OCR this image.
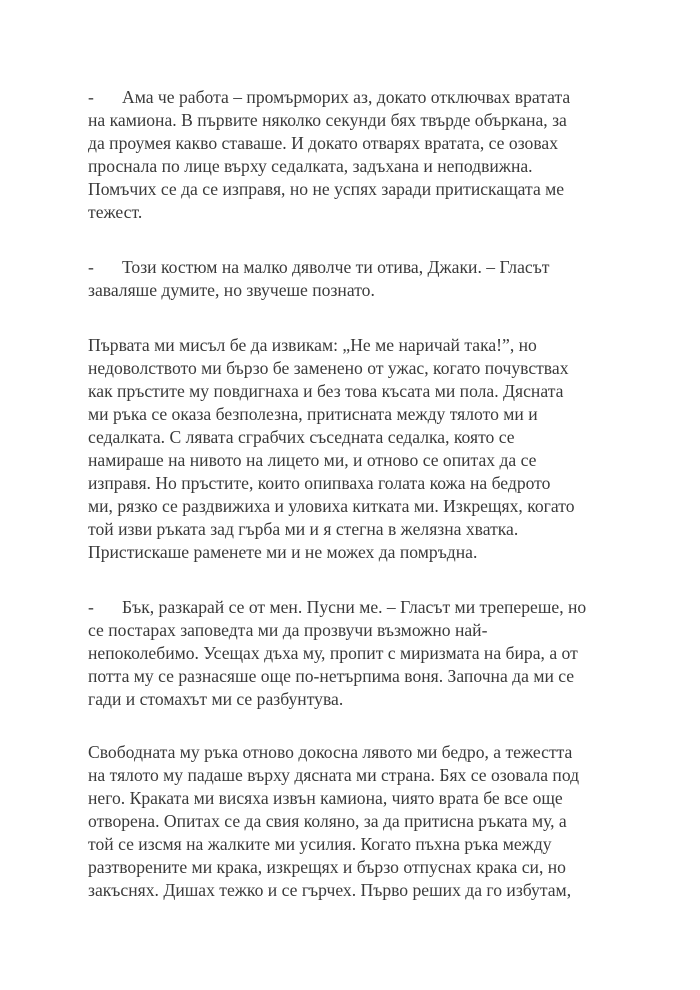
- Ама че работа – промърморих аз, докато отключвах вратата
на камиона. В първите няколко секунди бях твърде объркана, за
да проумея какво ставаше. И докато отварях вратата, се озовах
проснала по лице върху седалката, задъхана и неподвижна.
Помъчих се да се изправя, но не успях заради притискащата ме
тежест.
- Този костюм на малко дяволче ти отива, Джаки. – Гласът
заваляше думите, но звучеше познато.
Първата ми мисъл бе да извикам: „Не ме наричай така!”, но
недоволството ми бързо бе заменено от ужас, когато почувствах
как пръстите му повдигнаха и без това късата ми пола. Дясната
ми ръка се оказа безполезна, притисната между тялото ми и
седалката. С лявата сграбчих съседната седалка, която се
намираше на нивото на лицето ми, и отново се опитах да се
изправя. Но пръстите, които опипваха голата кожа на бедрото
ми, рязко се раздвижиха и уловиха китката ми. Изкрещях, когато
той изви ръката зад гърба ми и я стегна в желязна хватка.
Пристискаше раменете ми и не можех да помръдна.
- Бък, разкарай се от мен. Пусни ме. – Гласът ми трепереше, но
се постарах заповедта ми да прозвучи възможно най-
непоколебимо. Усещах дъха му, пропит с миризмата на бира, а от
потта му се разнасяше още по-нетърпима воня. Започна да ми се
гади и стомахът ми се разбунтува.
Свободната му ръка отново докосна лявото ми бедро, а тежестта
на тялото му падаше върху дясната ми страна. Бях се озовала под
него. Краката ми висяха извън камиона, чиято врата бе все още
отворена. Опитах се да свия коляно, за да притисна ръката му, а
той се изсмя на жалките ми усилия. Когато пъхна ръка между
разтворените ми крака, изкрещях и бързо отпуснах крака си, но
закъснях. Дишах тежко и се гърчех. Първо реших да го избутам,
